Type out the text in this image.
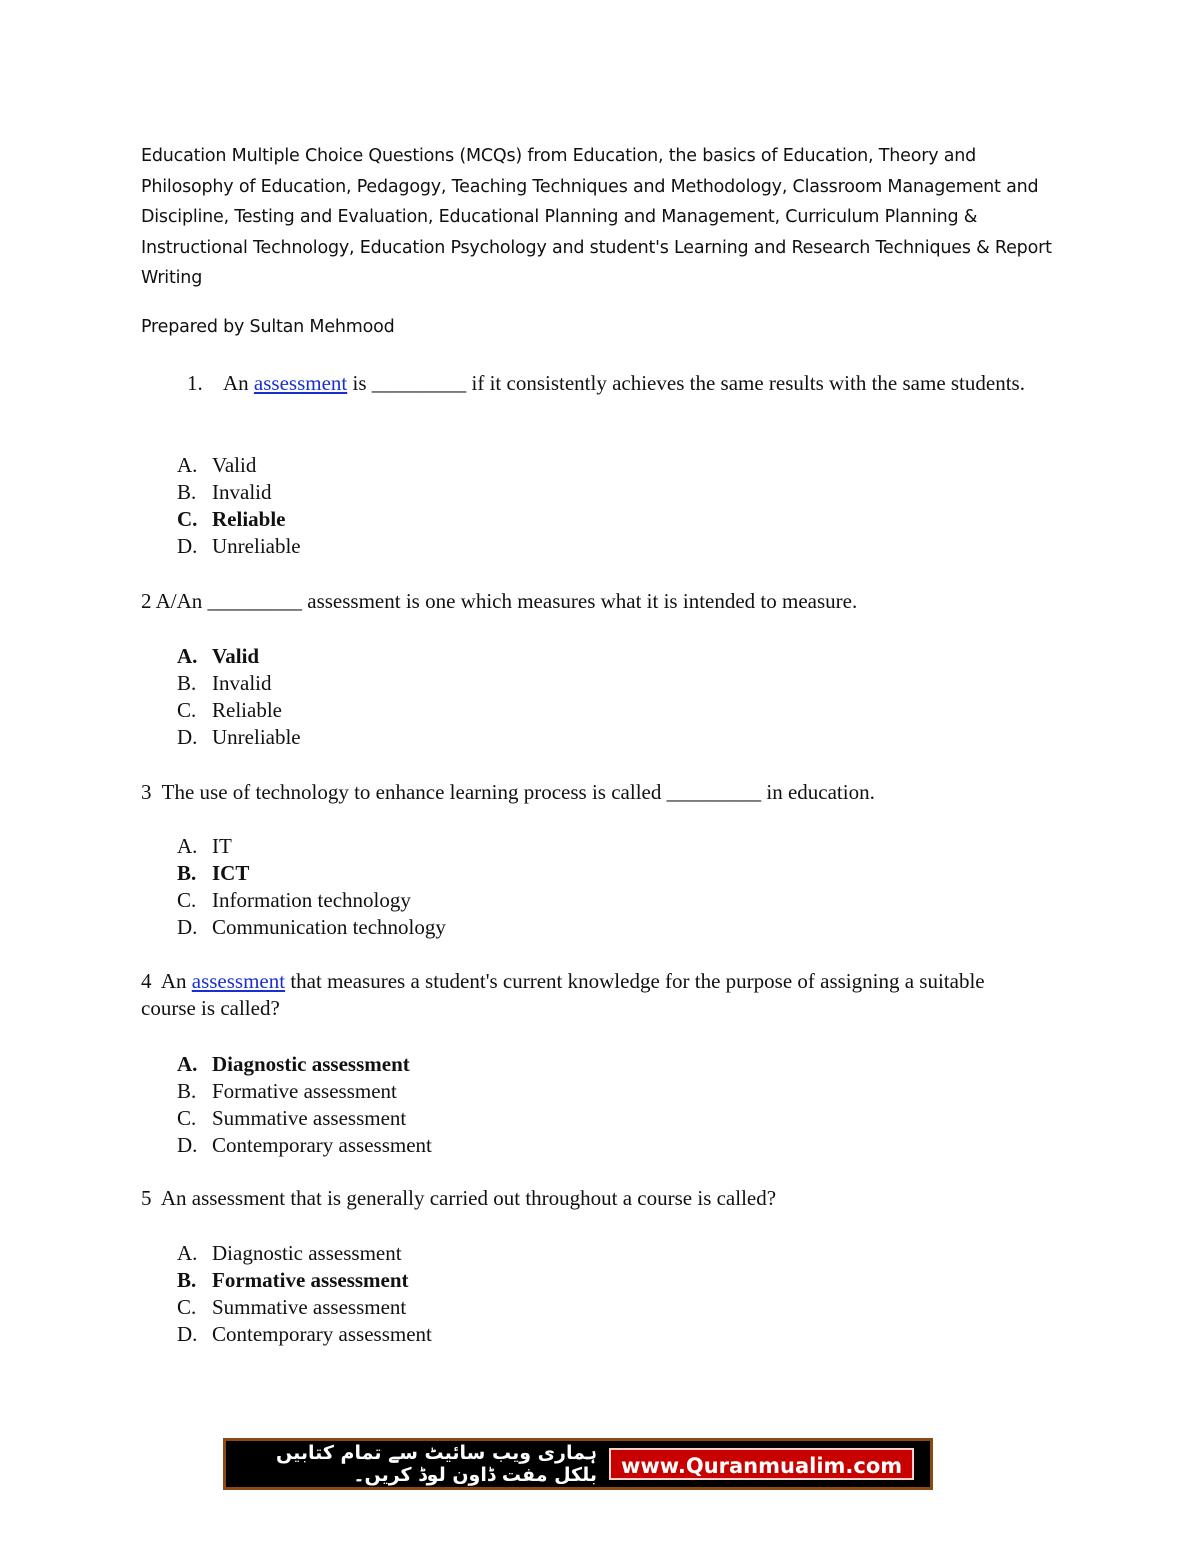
Education Multiple Choice Questions (MCQs) from Education, the basics of Education, Theory and Philosophy of Education, Pedagogy, Teaching Techniques and Methodology, Classroom Management and Discipline, Testing and Evaluation, Educational Planning and Management, Curriculum Planning & Instructional Technology, Education Psychology and student's Learning and Research Techniques & Report Writing
Prepared by Sultan Mehmood
1. An assessment is _________ if it consistently achieves the same results with the same students.
A. Valid
B. Invalid
C. Reliable
D. Unreliable
2 A/An _________ assessment is one which measures what it is intended to measure.
A. Valid
B. Invalid
C. Reliable
D. Unreliable
3  The use of technology to enhance learning process is called _________ in education.
A. IT
B. ICT
C. Information technology
D. Communication technology
4  An assessment that measures a student's current knowledge for the purpose of assigning a suitable course is called?
A. Diagnostic assessment
B. Formative assessment
C. Summative assessment
D. Contemporary assessment
5  An assessment that is generally carried out throughout a course is called?
A. Diagnostic assessment
B. Formative assessment
C. Summative assessment
D. Contemporary assessment
ہماری ویب سائیٹ سے تمام کتابیں بلکل مفت ڈاون لوڈ کریں۔	www.Quranmualim.com
